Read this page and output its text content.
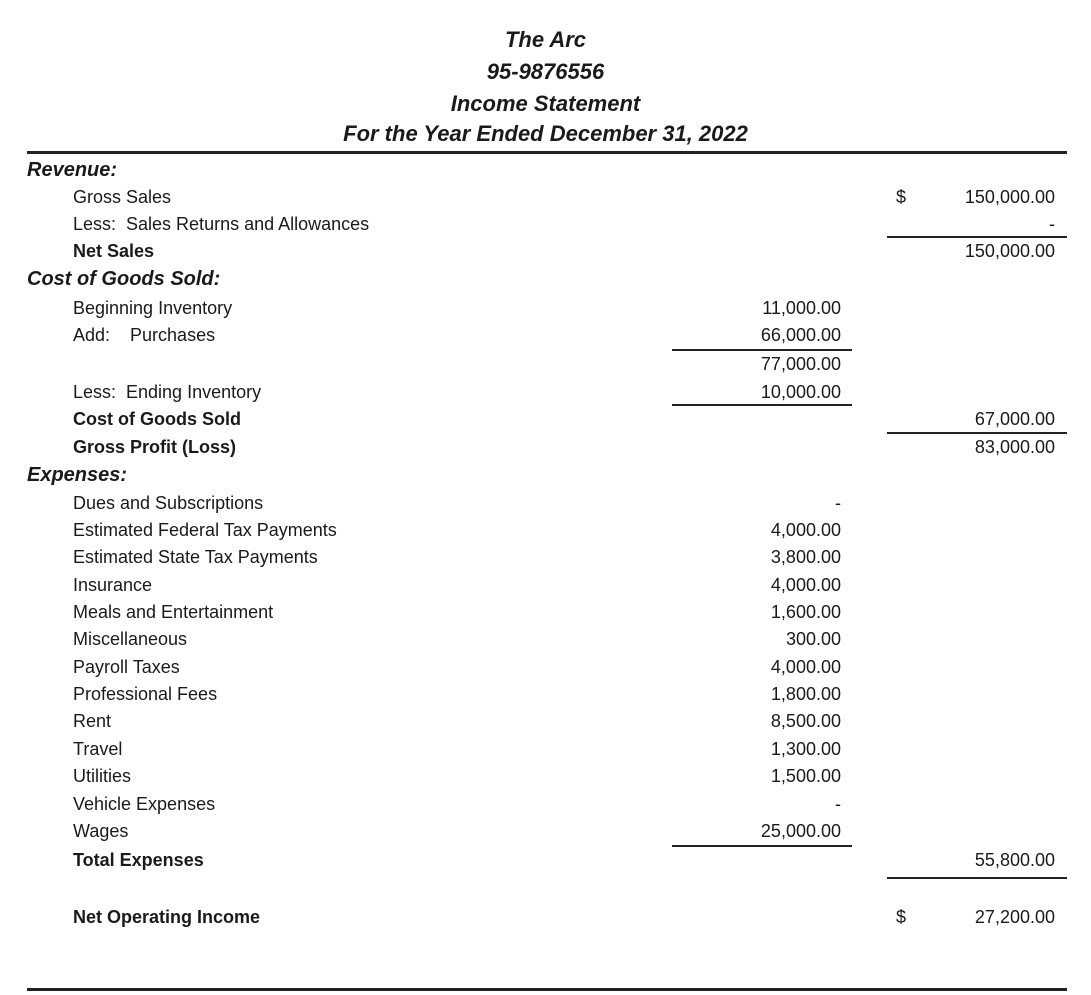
The Arc
95-9876556
Income Statement
For the Year Ended December 31, 2022
Revenue:
Gross Sales	$	150,000.00
Less:  Sales Returns and Allowances	-
Net Sales	150,000.00
Cost of Goods Sold:
Beginning Inventory	11,000.00
Add:    Purchases	66,000.00
77,000.00
Less:  Ending Inventory	10,000.00
Cost of Goods Sold	67,000.00
Gross Profit (Loss)	83,000.00
Expenses:
Dues and Subscriptions	-
Estimated Federal Tax Payments	4,000.00
Estimated State Tax Payments	3,800.00
Insurance	4,000.00
Meals and Entertainment	1,600.00
Miscellaneous	300.00
Payroll Taxes	4,000.00
Professional Fees	1,800.00
Rent	8,500.00
Travel	1,300.00
Utilities	1,500.00
Vehicle Expenses	-
Wages	25,000.00
Total Expenses	55,800.00
Net Operating Income	$	27,200.00
